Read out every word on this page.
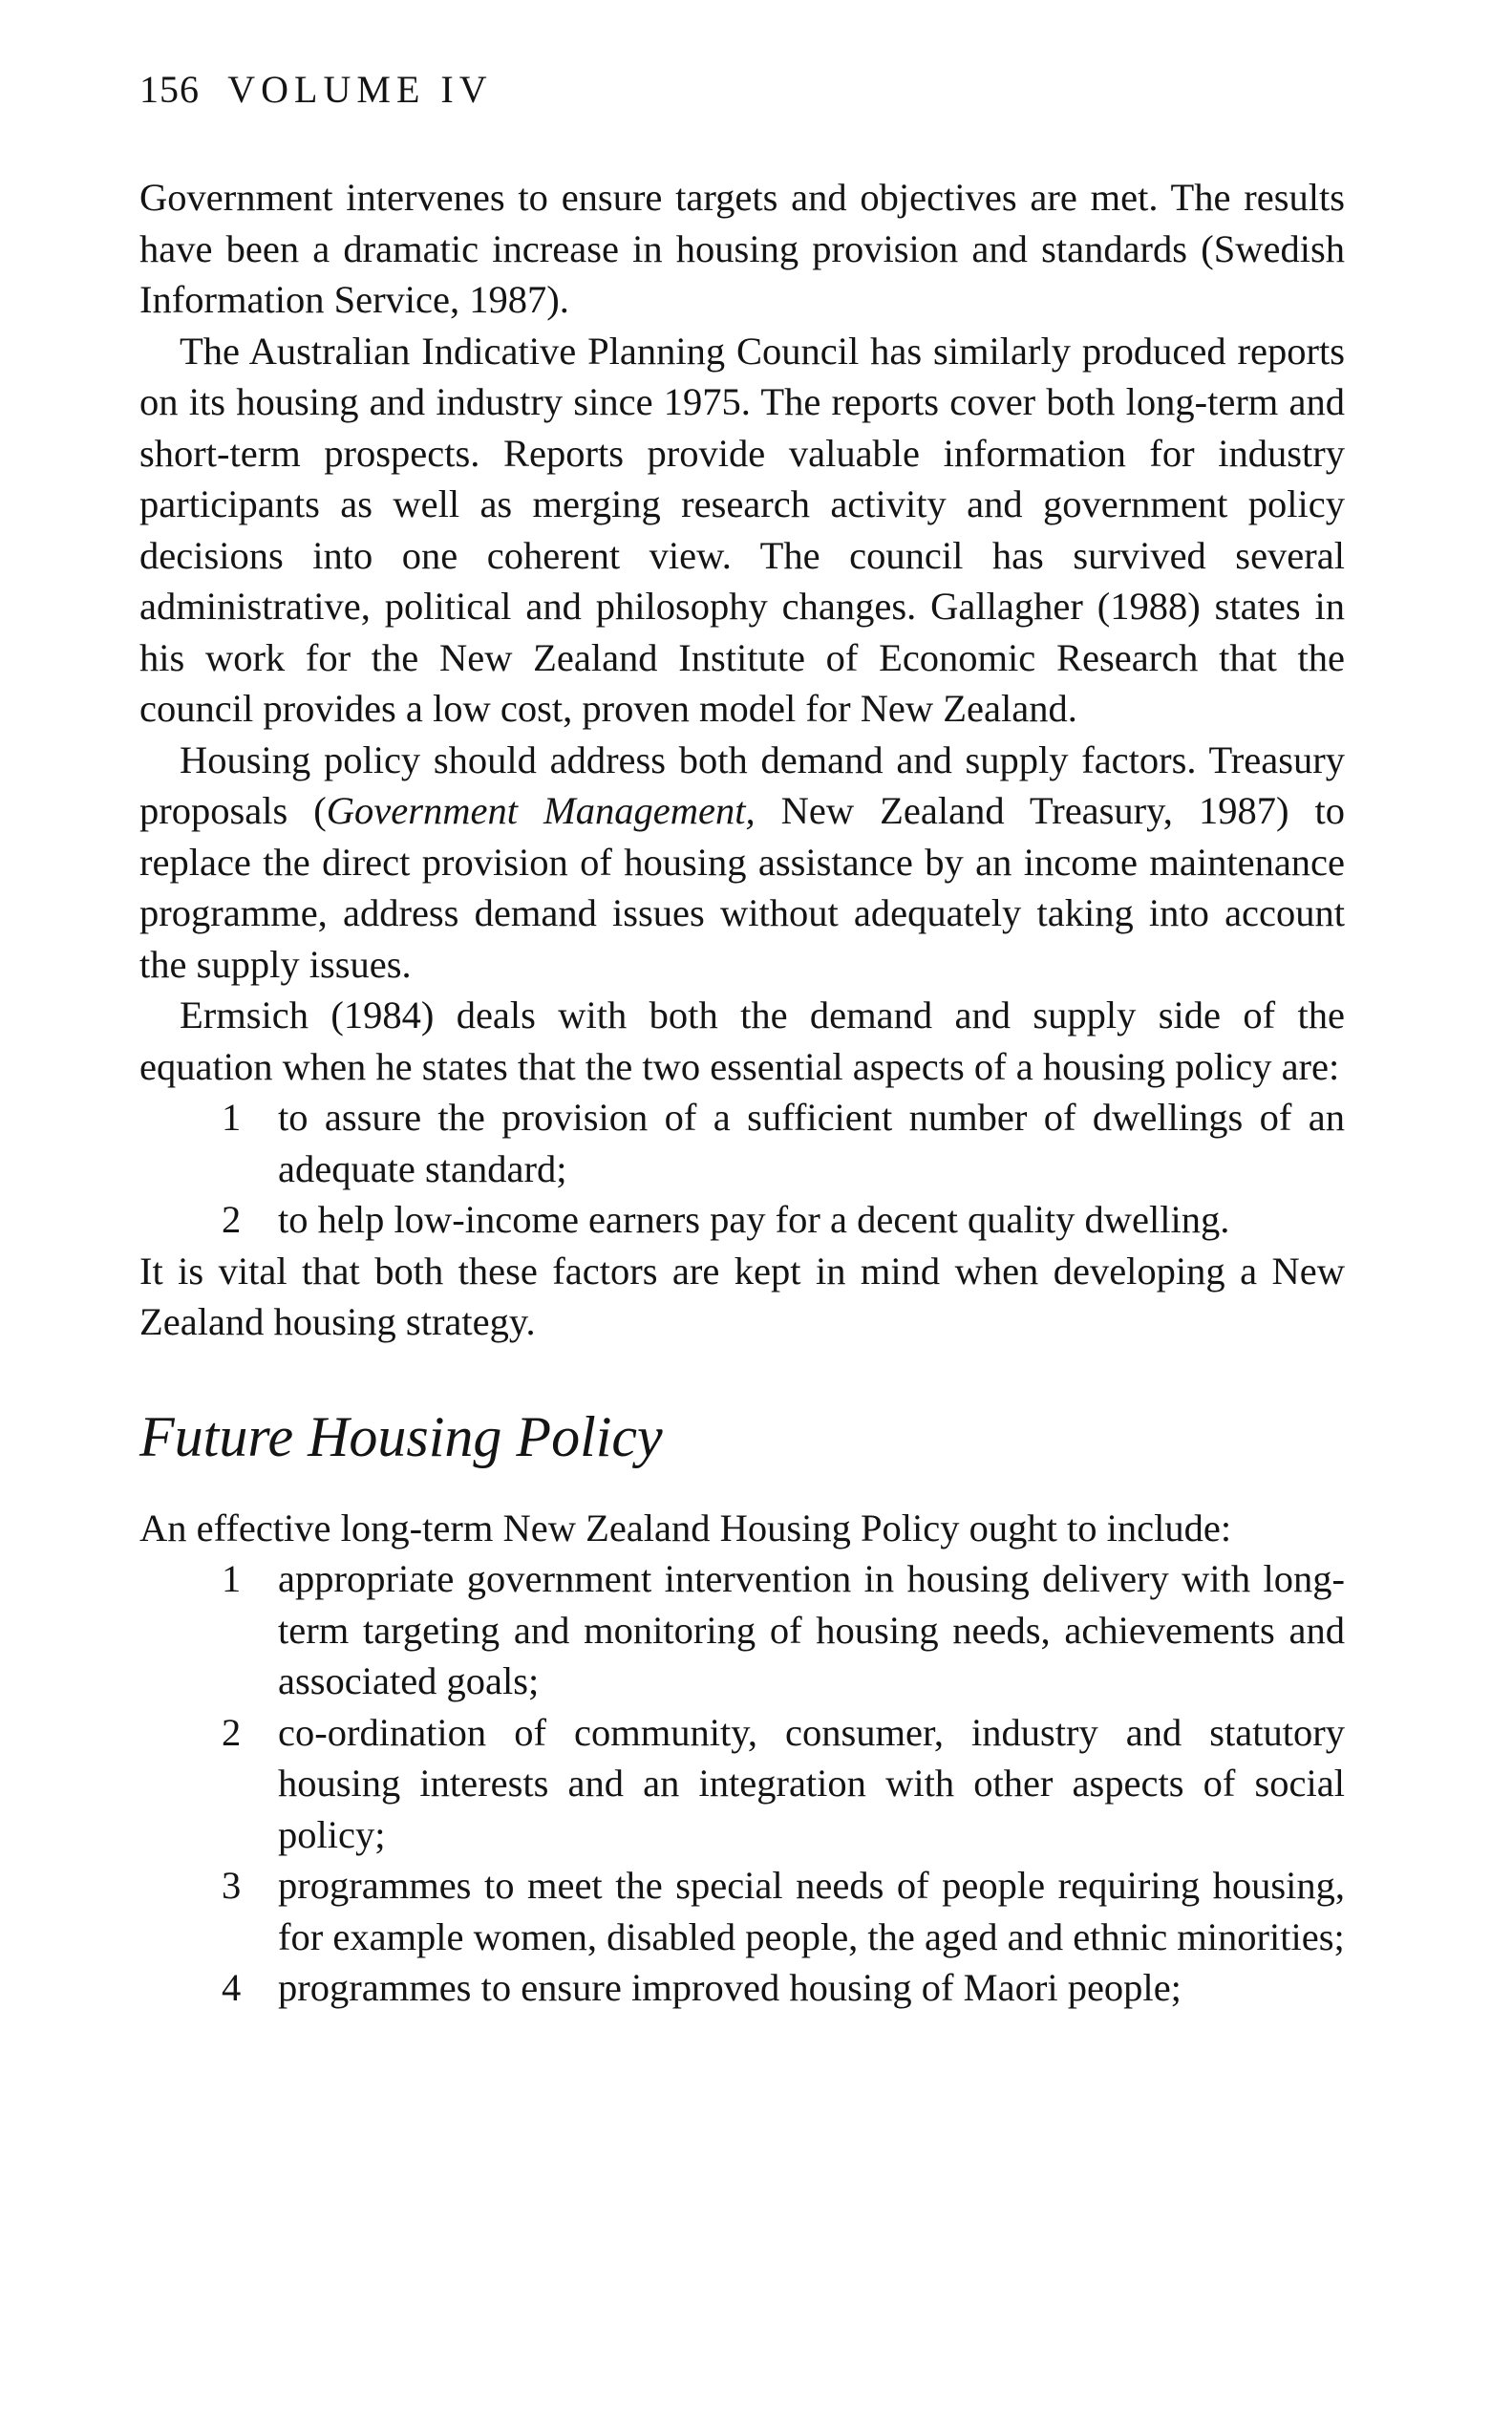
156 VOLUME IV

Government intervenes to ensure targets and objectives are met. The results have been a dramatic increase in housing provision and standards (Swedish Information Service, 1987).

The Australian Indicative Planning Council has similarly produced reports on its housing and industry since 1975. The reports cover both long-term and short-term prospects. Reports provide valuable information for industry participants as well as merging research activity and government policy decisions into one coherent view. The council has survived several administrative, political and philosophy changes. Gallagher (1988) states in his work for the New Zealand Institute of Economic Research that the council provides a low cost, proven model for New Zealand.

Housing policy should address both demand and supply factors. Treasury proposals (Government Management, New Zealand Treasury, 1987) to replace the direct provision of housing assistance by an income maintenance programme, address demand issues without adequately taking into account the supply issues.

Ermsich (1984) deals with both the demand and supply side of the equation when he states that the two essential aspects of a housing policy are:

1 to assure the provision of a sufficient number of dwellings of an adequate standard;
2 to help low-income earners pay for a decent quality dwelling.

It is vital that both these factors are kept in mind when developing a New Zealand housing strategy.

Future Housing Policy

An effective long-term New Zealand Housing Policy ought to include:

1 appropriate government intervention in housing delivery with long-term targeting and monitoring of housing needs, achievements and associated goals;
2 co-ordination of community, consumer, industry and statutory housing interests and an integration with other aspects of social policy;
3 programmes to meet the special needs of people requiring housing, for example women, disabled people, the aged and ethnic minorities;
4 programmes to ensure improved housing of Maori people;
